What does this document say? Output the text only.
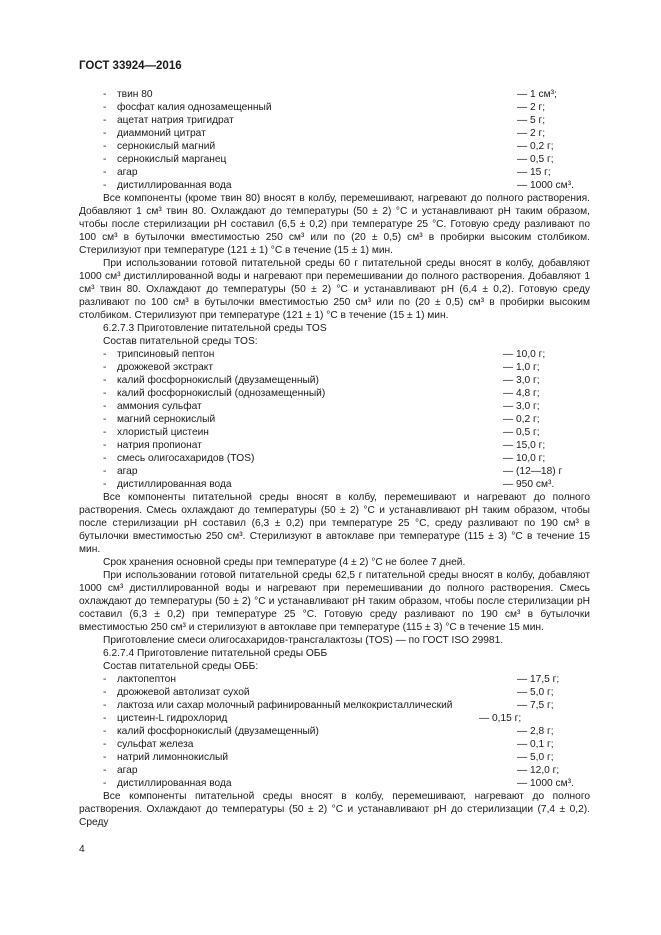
ГОСТ 33924—2016
- твин 80	— 1 см³;
- фосфат калия однозамещенный	— 2 г;
- ацетат натрия тригидрат	— 5 г;
- диаммоний цитрат	— 2 г;
- сернокислый магний	— 0,2 г;
- сернокислый марганец	— 0,5 г;
- агар	— 15 г;
- дистиллированная вода	— 1000 см³.

Все компоненты (кроме твин 80) вносят в колбу, перемешивают, нагревают до полного растворения. Добавляют 1 см³ твин 80. Охлаждают до температуры (50 ± 2) °С и устанавливают pH таким образом, чтобы после стерилизации pH составил (6,5 ± 0,2) при температуре 25 °С. Готовую среду разливают по 100 см³ в бутылочки вместимостью 250 см³ или по (20 ± 0,5) см³ в пробирки высоким столбиком. Стерилизуют при температуре (121 ± 1) °С в течение (15 ± 1) мин.

При использовании готовой питательной среды 60 г питательной среды вносят в колбу, добавляют 1000 см³ дистиллированной воды и нагревают при перемешивании до полного растворения. Добавляют 1 см³ твин 80. Охлаждают до температуры (50 ± 2) °С и устанавливают pH (6,4 ± 0,2). Готовую среду разливают по 100 см³ в бутылочки вместимостью 250 см³ или по (20 ± 0,5) см³ в пробирки высоким столбиком. Стерилизуют при температуре (121 ± 1) °С в течение (15 ± 1) мин.

6.2.7.3 Приготовление питательной среды TOS

Состав питательной среды TOS:

- трипсиновый пептон	— 10,0 г;
- дрожжевой экстракт	— 1,0 г;
- калий фосфорнокислый (двузамещенный)	— 3,0 г;
- калий фосфорнокислый (однозамещенный)	— 4,8 г;
- аммония сульфат	— 3,0 г;
- магний сернокислый	— 0,2 г;
- хлористый цистеин	— 0,5 г;
- натрия пропионат	— 15,0 г;
- смесь олигосахаридов (TOS)	— 10,0 г;
- агар	— (12—18) г
- дистиллированная вода	— 950 см³.

Все компоненты питательной среды вносят в колбу, перемешивают и нагревают до полного растворения. Смесь охлаждают до температуры (50 ± 2) °С и устанавливают pH таким образом, чтобы после стерилизации pH составил (6,3 ± 0,2) при температуре 25 °С, среду разливают по 190 см³ в бутылочки вместимостью 250 см³. Стерилизуют в автоклаве при температуре (115 ± 3) °С в течение 15 мин.

Срок хранения основной среды при температуре (4 ± 2) °С не более 7 дней.

При использовании готовой питательной среды 62,5 г питательной среды вносят в колбу, добавляют 1000 см³ дистиллированной воды и нагревают при перемешивании до полного растворения. Смесь охлаждают до температуры (50 ± 2) °С и устанавливают pH таким образом, чтобы после стерилизации pH составил (6,3 ± 0,2) при температуре 25 °С. Готовую среду разливают по 190 см³ в бутылочки вместимостью 250 см³ и стерилизуют в автоклаве при температуре (115 ± 3) °С в течение 15 мин.

Приготовление смеси олигосахаридов-трансгалактозы (TOS) — по ГОСТ ISO 29981.

6.2.7.4 Приготовление питательной среды ОББ

Состав питательной среды ОББ:

- лактопептон	— 17,5 г;
- дрожжевой автолизат сухой	— 5,0 г;
- лактоза или сахар молочный рафинированный мелкокристаллический	— 7,5 г;
- цистеин-L гидрохлорид	— 0,15 г;
- калий фосфорнокислый (двузамещенный)	— 2,8 г;
- сульфат железа	— 0,1 г;
- натрий лимоннокислый	— 5,0 г;
- агар	— 12,0 г;
- дистиллированная вода	— 1000 см³.

Все компоненты питательной среды вносят в колбу, перемешивают, нагревают до полного растворения. Охлаждают до температуры (50 ± 2) °С и устанавливают pH до стерилизации (7,4 ± 0,2). Среду

4
